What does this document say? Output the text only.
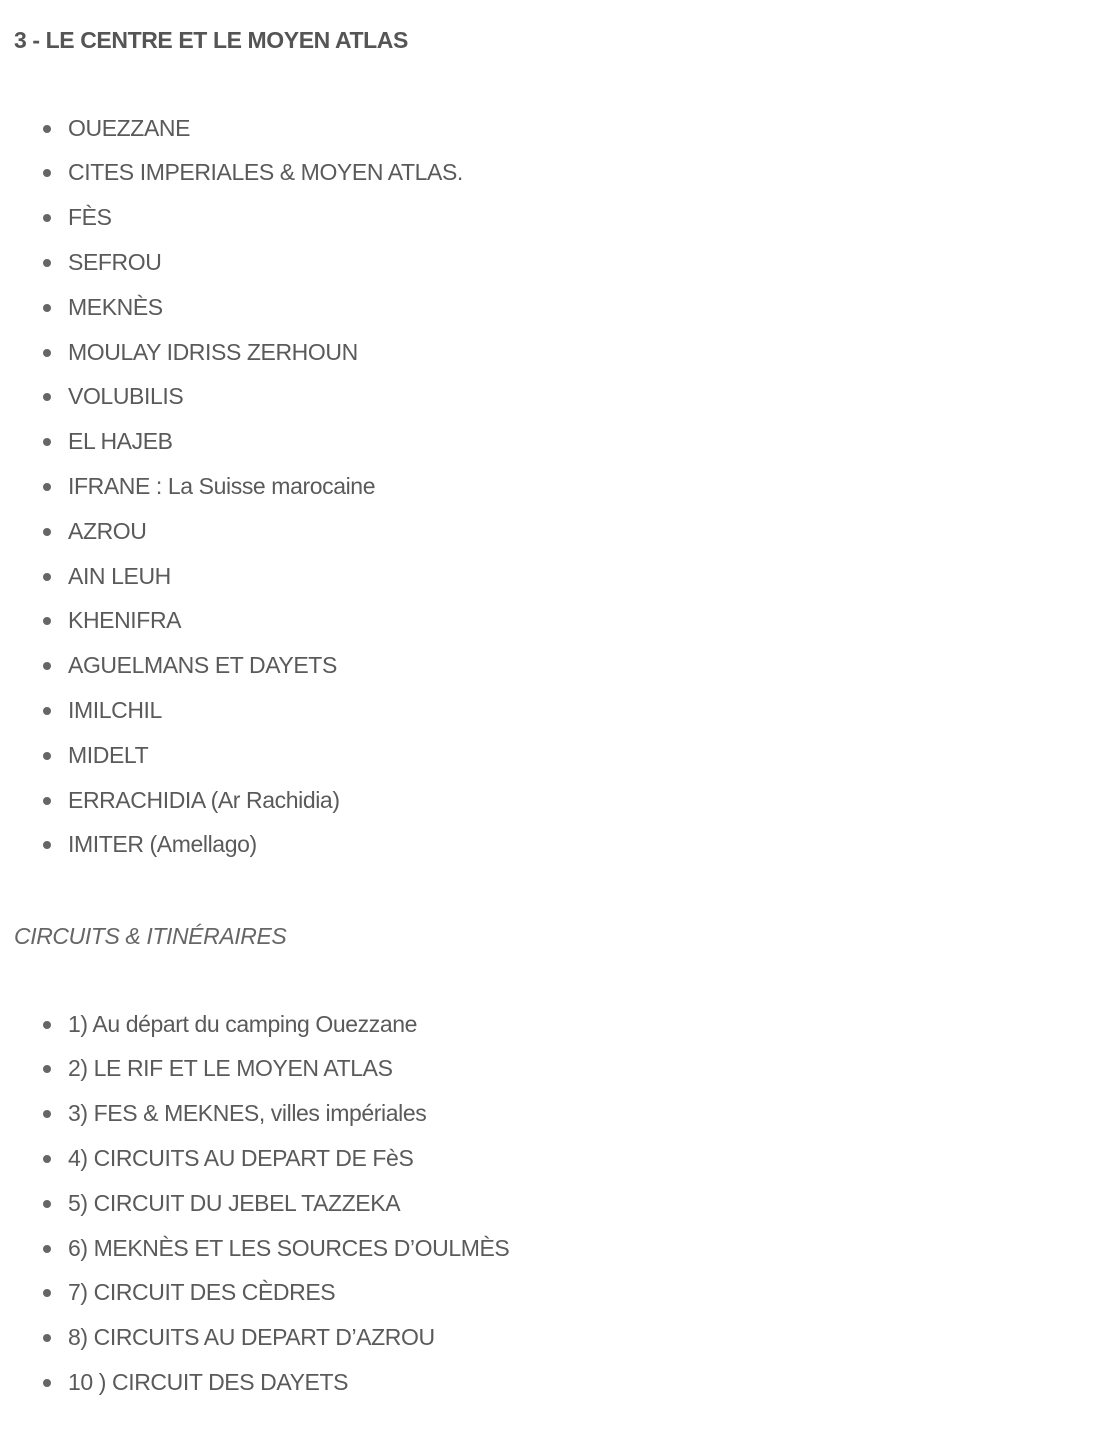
3 - LE CENTRE ET LE MOYEN ATLAS
OUEZZANE
CITES IMPERIALES & MOYEN ATLAS.
FÈS
SEFROU
MEKNÈS
MOULAY IDRISS ZERHOUN
VOLUBILIS
EL HAJEB
IFRANE : La Suisse marocaine
AZROU
AIN LEUH
KHENIFRA
AGUELMANS ET DAYETS
IMILCHIL
MIDELT
ERRACHIDIA (Ar Rachidia)
IMITER (Amellago)
CIRCUITS & ITINÉRAIRES
1) Au départ du camping Ouezzane
2) LE RIF ET LE MOYEN ATLAS
3) FES & MEKNES, villes impériales
4) CIRCUITS AU DEPART DE FèS
5) CIRCUIT DU JEBEL TAZZEKA
6) MEKNÈS ET LES SOURCES D’OULMÈS
7) CIRCUIT DES CÈDRES
8) CIRCUITS AU DEPART D’AZROU
10 ) CIRCUIT DES DAYETS
